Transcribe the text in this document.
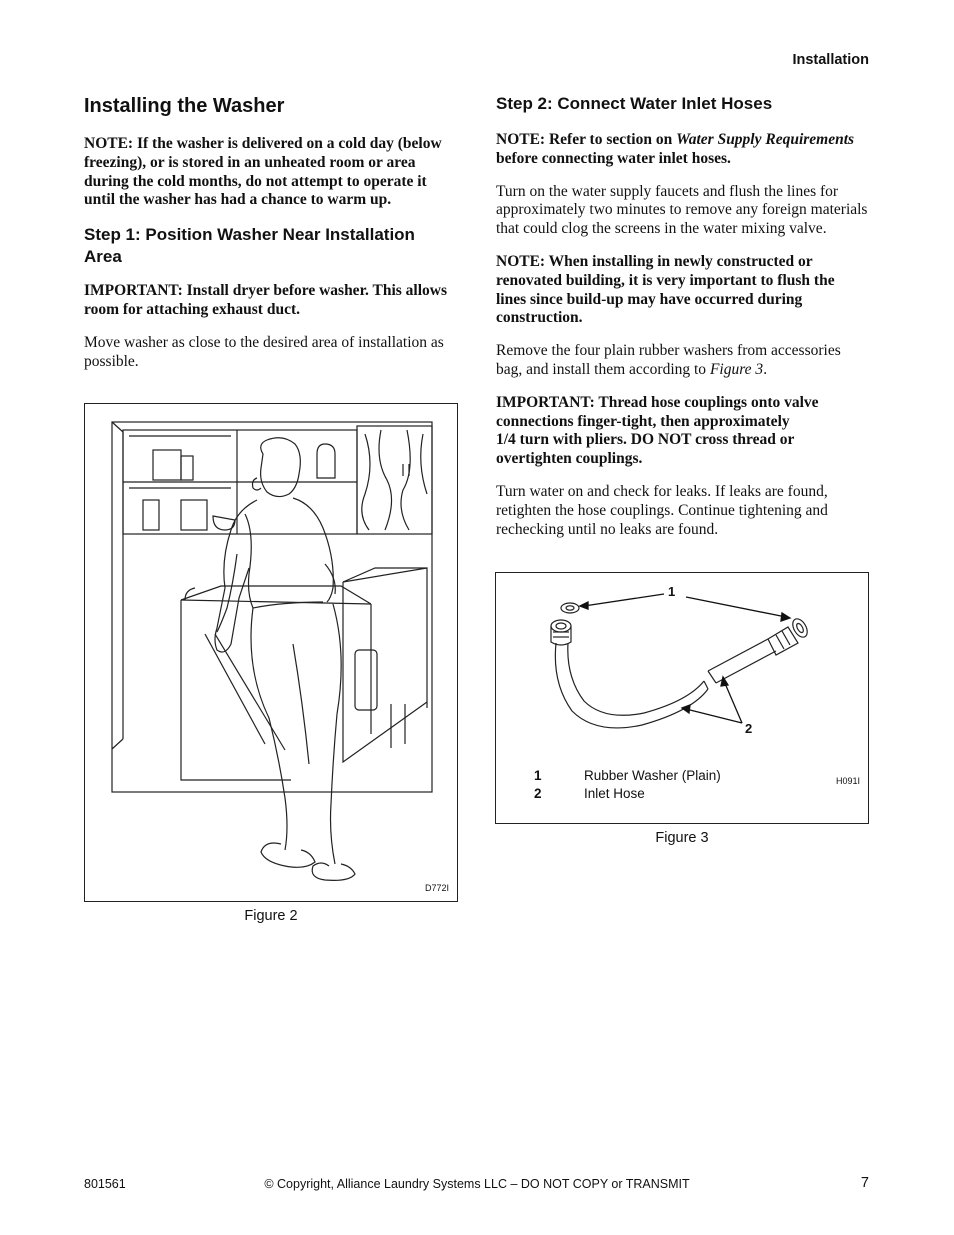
Installation
Installing the Washer

NOTE: If the washer is delivered on a cold day (below freezing), or is stored in an unheated room or area during the cold months, do not attempt to operate it until the washer has had a chance to warm up.

Step 1: Position Washer Near Installation Area

IMPORTANT: Install dryer before washer. This allows room for attaching exhaust duct.

Move washer as close to the desired area of installation as possible.

D772I
Figure 2
Step 2: Connect Water Inlet Hoses

NOTE: Refer to section on Water Supply Requirements before connecting water inlet hoses.

Turn on the water supply faucets and flush the lines for approximately two minutes to remove any foreign materials that could clog the screens in the water mixing valve.

NOTE: When installing in newly constructed or renovated building, it is very important to flush the lines since build-up may have occurred during construction.

Remove the four plain rubber washers from accessories bag, and install them according to Figure 3.

IMPORTANT: Thread hose couplings onto valve connections finger-tight, then approximately
1/4 turn with pliers. DO NOT cross thread or overtighten couplings.

Turn water on and check for leaks. If leaks are found, retighten the hose couplings. Continue tightening and rechecking until no leaks are found.

1
2
H091I
1	Rubber Washer (Plain)
2	Inlet Hose
Figure 3
801561	© Copyright, Alliance Laundry Systems LLC – DO NOT COPY or TRANSMIT	7
